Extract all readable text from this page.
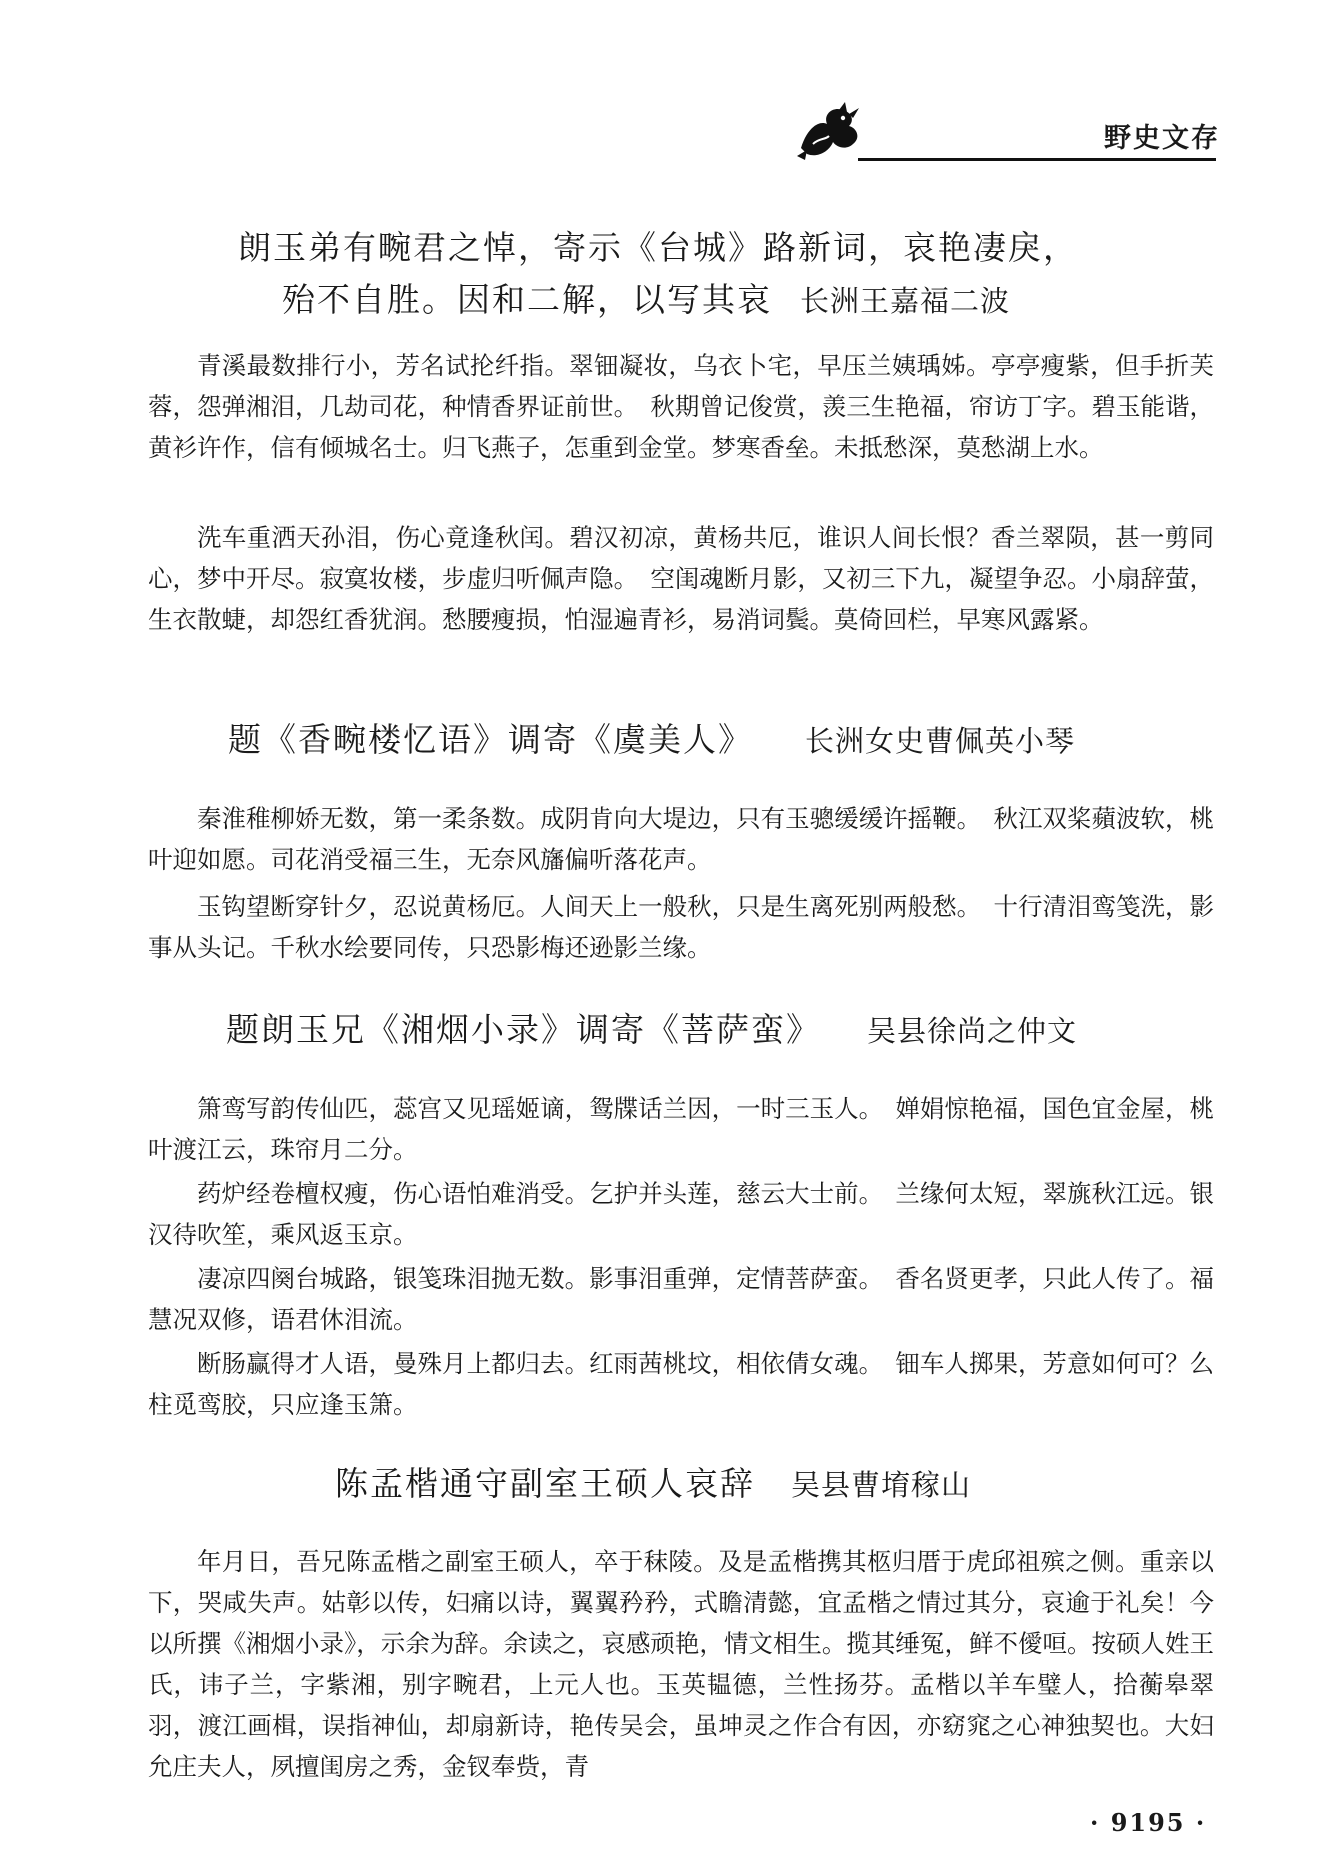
野史文存
朗玉弟有畹君之悼，寄示《台城》路新词，哀艳凄戾，
殆不自胜。因和二解，以写其哀 长洲王嘉福二波

青溪最数排行小，芳名试抡纤指。翠钿凝妆，乌衣卜宅，早压兰姨瑀姊。亭亭瘦紫，但手折芙蓉，怨弹湘泪，几劫司花，种情香界证前世。　秋期曾记俊赏，羡三生艳福，帘访丁字。碧玉能谐，黄衫许作，信有倾城名士。归飞燕子，怎重到金堂。梦寒香垒。未抵愁深，莫愁湖上水。

洗车重洒天孙泪，伤心竟逢秋闰。碧汉初凉，黄杨共厄，谁识人间长恨？香兰翠陨，甚一剪同心，梦中开尽。寂寞妆楼，步虚归听佩声隐。　空闺魂断月影，又初三下九，凝望争忍。小扇辞萤，生衣散蜨，却怨红香犹润。愁腰瘦损，怕湿遍青衫，易消词鬓。莫倚回栏，早寒风露紧。

题《香畹楼忆语》调寄《虞美人》 长洲女史曹佩英小琴

秦淮稚柳娇无数，第一柔条数。成阴肯向大堤边，只有玉骢缓缓许摇鞭。　秋江双桨蘋波软，桃叶迎如愿。司花消受福三生，无奈风旛偏听落花声。

玉钩望断穿针夕，忍说黄杨厄。人间天上一般秋，只是生离死别两般愁。　十行清泪鸾笺洗，影事从头记。千秋水绘要同传，只恐影梅还逊影兰缘。

题朗玉兄《湘烟小录》调寄《菩萨蛮》 吴县徐尚之仲文

箫鸾写韵传仙匹，蕊宫又见瑶姬谪，鸳牒话兰因，一时三玉人。　婵娟惊艳福，国色宜金屋，桃叶渡江云，珠帘月二分。

药炉经卷檀权瘦，伤心语怕难消受。乞护并头莲，慈云大士前。　兰缘何太短，翠旐秋江远。银汉待吹笙，乘风返玉京。

凄凉四阕台城路，银笺珠泪抛无数。影事泪重弹，定情菩萨蛮。　香名贤更孝，只此人传了。福慧况双修，语君休泪流。

断肠赢得才人语，曼殊月上都归去。红雨茜桃坟，相依倩女魂。　钿车人掷果，芳意如何可？么柱觅鸾胶，只应逢玉箫。

陈孟楷通守副室王硕人哀辞 吴县曹堉稼山

年月日，吾兄陈孟楷之副室王硕人，卒于秣陵。及是孟楷携其柩归厝于虎邱祖殡之侧。重亲以下，哭咸失声。姑彰以传，妇痛以诗，翼翼矜矜，式瞻清懿，宜孟楷之情过其分，哀逾于礼矣！今以所撰《湘烟小录》，示余为辞。余读之，哀感顽艳，情文相生。揽其缍冤，鲜不僾咺。按硕人姓王氏，讳子兰，字紫湘，别字畹君，上元人也。玉英韫德，兰性扬芬。孟楷以羊车璧人，拾蘅皋翠羽，渡江画楫，误指神仙，却扇新诗，艳传吴会，虽坤灵之作合有因，亦窈窕之心神独契也。大妇允庄夫人，夙擅闺房之秀，金钗奉赀，青

· 9195 ·
